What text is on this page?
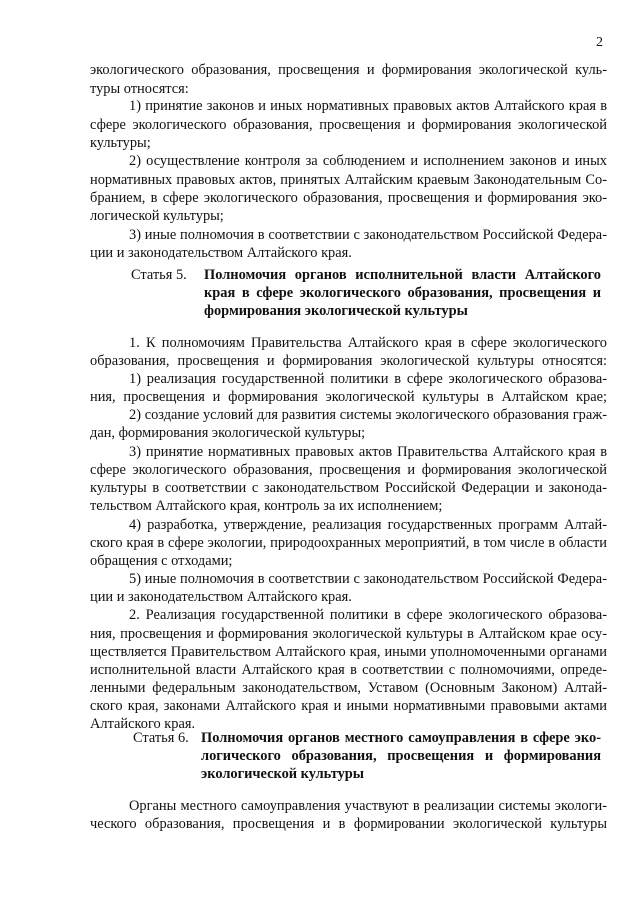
2
экологического образования, просвещения и формирования экологической куль-
туры относятся:
1) принятие законов и иных нормативных правовых актов Алтайского края в
сфере экологического образования, просвещения и формирования экологической
культуры;
2) осуществление контроля за соблюдением и исполнением законов и иных
нормативных правовых актов, принятых Алтайским краевым Законодательным Со-
бранием, в сфере экологического образования, просвещения и формирования эко-
логической культуры;
3) иные полномочия в соответствии с законодательством Российской Федера-
ции и законодательством Алтайского края.
Статья 5. Полномочия органов исполнительной власти Алтайского
края в сфере экологического образования, просвещения и
формирования экологической культуры
1. К полномочиям Правительства Алтайского края в сфере экологического
образования, просвещения и формирования экологической культуры относятся:
1) реализация государственной политики в сфере экологического образова-
ния, просвещения и формирования экологической культуры в Алтайском крае;
2) создание условий для развития системы экологического образования граж-
дан, формирования экологической культуры;
3) принятие нормативных правовых актов Правительства Алтайского края в
сфере экологического образования, просвещения и формирования экологической
культуры в соответствии с законодательством Российской Федерации и законода-
тельством Алтайского края, контроль за их исполнением;
4) разработка, утверждение, реализация государственных программ Алтай-
ского края в сфере экологии, природоохранных мероприятий, в том числе в области
обращения с отходами;
5) иные полномочия в соответствии с законодательством Российской Федера-
ции и законодательством Алтайского края.
2. Реализация государственной политики в сфере экологического образова-
ния, просвещения и формирования экологической культуры в Алтайском крае осу-
ществляется Правительством Алтайского края, иными уполномоченными органами
исполнительной власти Алтайского края в соответствии с полномочиями, опреде-
ленными федеральным законодательством, Уставом (Основным Законом) Алтай-
ского края, законами Алтайского края и иными нормативными правовыми актами
Алтайского края.
Статья 6. Полномочия органов местного самоуправления в сфере эко-
логического образования, просвещения и формирования
экологической культуры
Органы местного самоуправления участвуют в реализации системы экологи-
ческого образования, просвещения и в формировании экологической культуры
